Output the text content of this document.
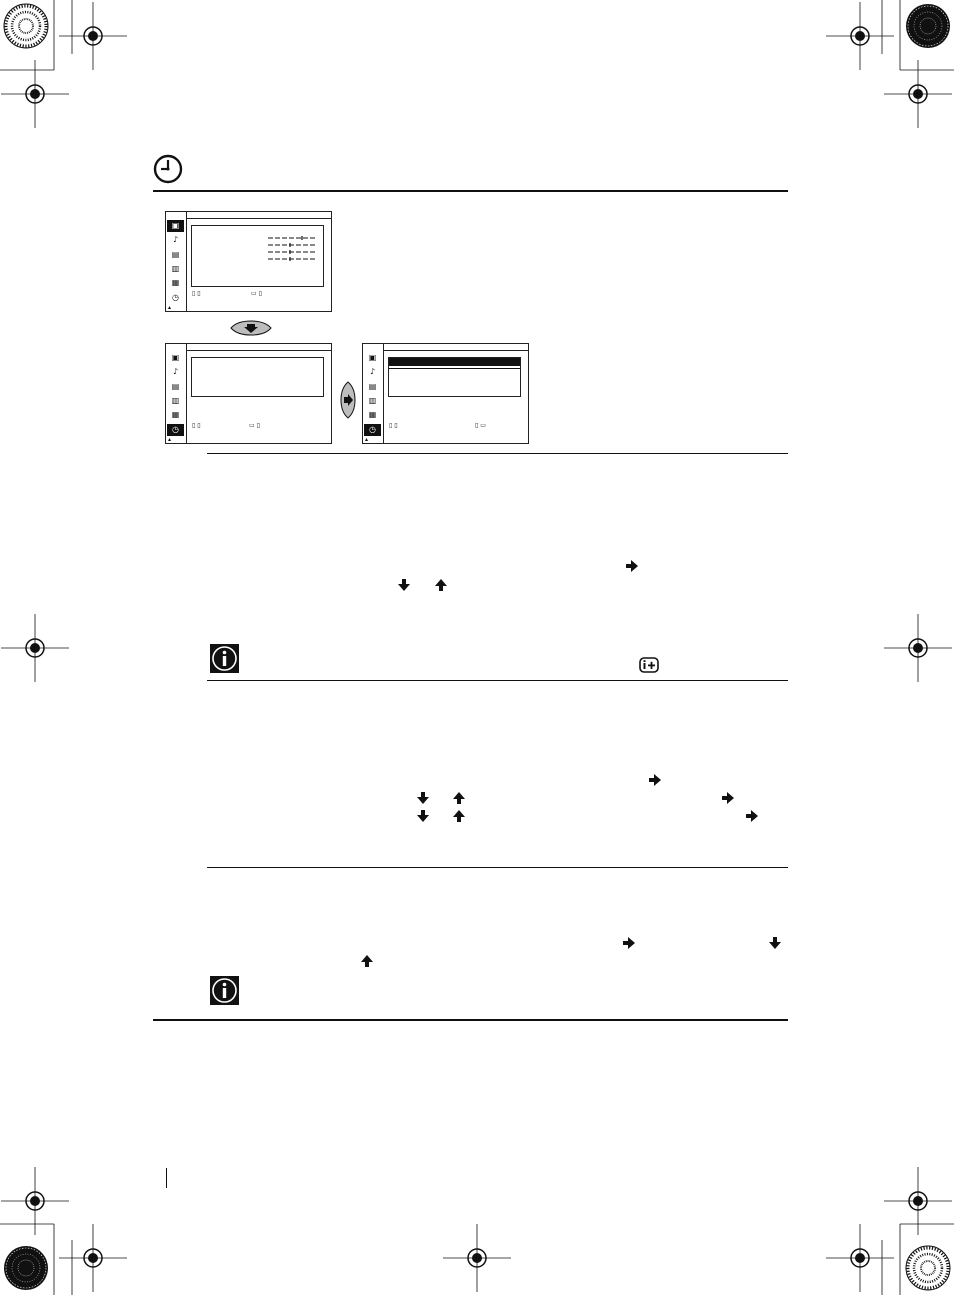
▣
♪
▤
▥
▦
◷ ▯ ▯	▭ ▯
▴
▣
♪
▤
▥
▦
◷ ▯ ▯	▭ ▯
▴
▣
♪
▤
▥
▦
◷ ▯ ▯	▯ ▭
▴
